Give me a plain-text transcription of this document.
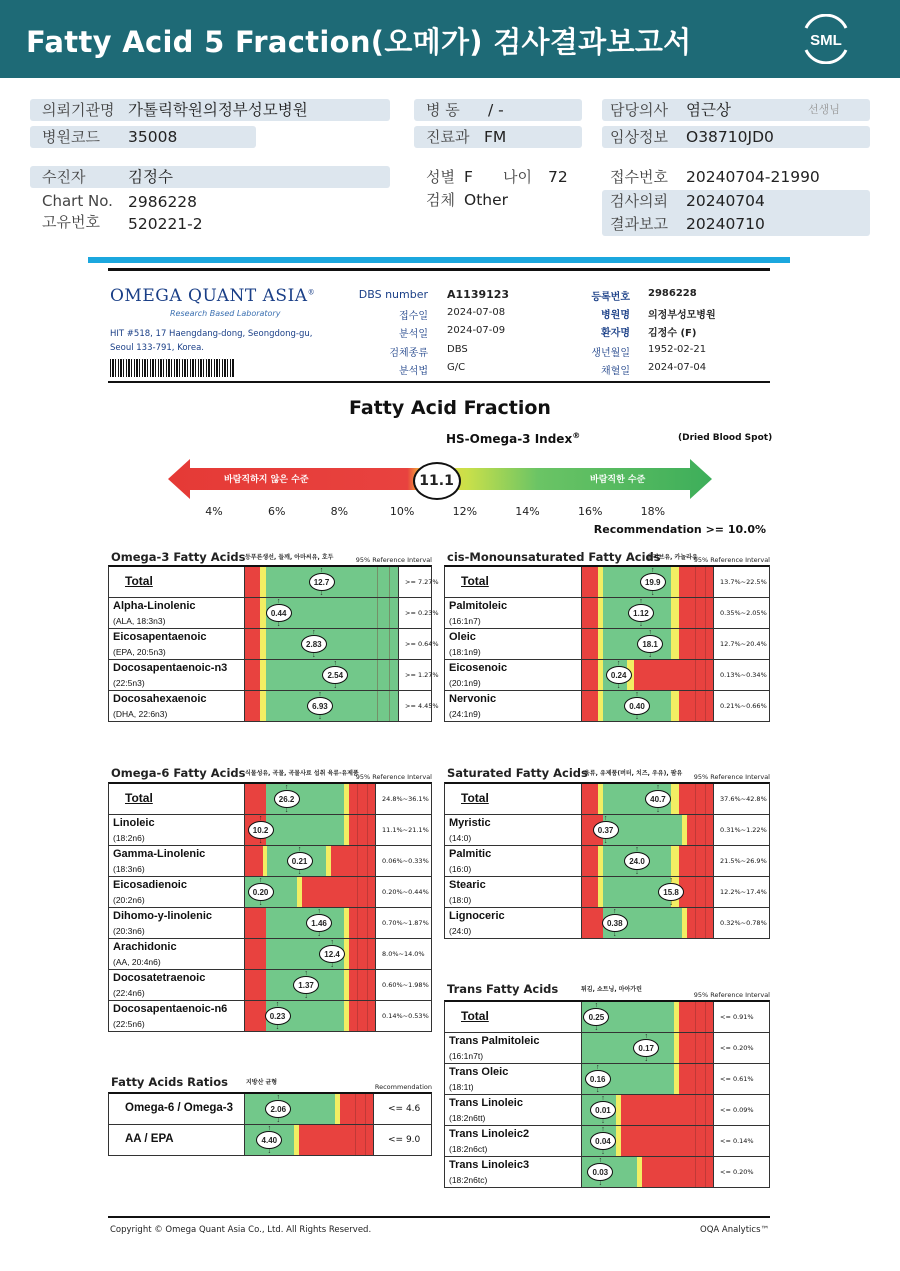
Fatty Acid 5 Fraction(오메가) 검사결과보고서	SML
의뢰기관명 가톨릭학원의정부성모병원
병원코드 35008
병 동 / -
진료과 FM
담당의사 염근상	선생님
임상정보 O38710JD0
수진자	김정수
Chart No. 2986228
고유번호 520221-2
성별 F 나이 72
검체 Other
접수번호 20240704-21990
검사의뢰 20240704
결과보고 20240710
OMEGA QUANT ASIA®
Research Based Laboratory
HIT #518, 17 Haengdang-dong, Seongdong-gu, Seoul 133-791, Korea.
DBS number A1139123
접수일 2024-07-08
분석일 2024-07-09
검체종류 DBS
분석법 G/C
등록번호 2986228
병원명 의정부성모병원
환자명 김정수 (F)
생년월일 1952-02-21
채혈일 2024-07-04
Fatty Acid Fraction
HS-Omega-3 Index®	(Dried Blood Spot)
바람직하지 않은 수준	바람직한 수준
11.1
4%	6%	8%	10%	12%	14%	16%	18%
Recommendation >= 10.0%
Omega-3 Fatty Acids 등푸른생선, 들깨, 아마씨유, 호두	95% Reference Interval
Total	↑ 12.7 ↓	>= 7.27%
Alpha-Linolenic
(ALA, 18:3n3)
↑ 0.44 ↓	>= 0.23%
Eicosapentaenoic
(EPA, 20:5n3)
↑ 2.83 ↓	>= 0.64%
Docosapentaenoic-n3
(22:5n3)
↑ 2.54 ↓	>= 1.27%
Docosahexaenoic
(DHA, 22:6n3)
↑ 6.93 ↓	>= 4.45%
cis-Monounsaturated Fatty Acids
올리브유, 카놀라유
95% Reference Interval
Total	↑ 19.9 ↓	13.7%~22.5%
Palmitoleic
(16:1n7)
↑ 1.12 ↓	0.35%~2.05%
Oleic
(18:1n9)
↑ 18.1 ↓	12.7%~20.4%
Eicosenoic
(20:1n9)
↑ 0.24 ↓	0.13%~0.34%
Nervonic
(24:1n9)
↑ 0.40 ↓	0.21%~0.66%
Omega-6 Fatty Acids 식물성유, 곡물, 곡물사료 섭취 육류·유제품
95% Reference Interval
Total	↑ 26.2 ↓	24.8%~36.1%
Linoleic
(18:2n6)
↑ 10.2 ↓	11.1%~21.1%
Gamma-Linolenic
(18:3n6)
↑ 0.21 ↓	0.06%~0.33%
Eicosadienoic
(20:2n6)
↑ 0.20 ↓	0.20%~0.44%
Dihomo-y-linolenic
(20:3n6)
↑ 1.46 ↓	0.70%~1.87%
Arachidonic
(AA, 20:4n6)
↑ 12.4 ↓	8.0%~14.0%
Docosatetraenoic
(22:4n6)
↑ 1.37 ↓	0.60%~1.98%
Docosapentaenoic-n6
(22:5n6)
↑ 0.23 ↓	0.14%~0.53%
Saturated Fatty Acids
육류, 유제품(버터, 치즈, 우유), 팜유 95% Reference Interval
Total	↑ 40.7 ↓	37.6%~42.8%
Myristic
(14:0)
↑ 0.37 ↓	0.31%~1.22%
Palmitic
(16:0)
↑ 24.0 ↓	21.5%~26.9%
Stearic
(18:0)
↑ 15.8 ↓	12.2%~17.4%
Lignoceric
(24:0)
↑ 0.38 ↓	0.32%~0.78%
Fatty Acids Ratios	지방산 균형
Recommendation
Omega-6 / Omega-3	↑ 2.06 ↓	<= 4.6
AA / EPA	↑ 4.40 ↓	<= 9.0
Trans Fatty Acids	튀김, 쇼트닝, 마아가린
95% Reference Interval
Total	↑ 0.25 ↓	<= 0.91%
Trans Palmitoleic
(16:1n7t)
↑ 0.17 ↓	<= 0.20%
Trans Oleic
(18:1t)
↑ 0.16 ↓	<= 0.61%
Trans Linoleic
(18:2n6tt)
↑ 0.01 ↓	<= 0.09%
Trans Linoleic2
(18:2n6ct)
↑ 0.04 ↓	<= 0.14%
Trans Linoleic3
(18:2n6tc)
↑ 0.03 ↓	<= 0.20%
Copyright © Omega Quant Asia Co., Ltd. All Rights Reserved.	OQA Analytics™
